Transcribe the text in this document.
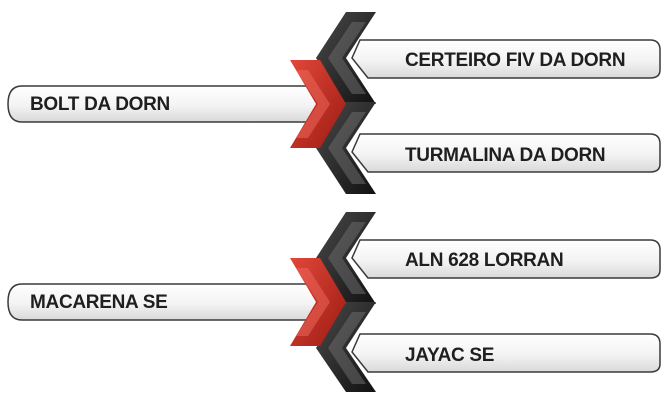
CERTEIRO FIV DA DORN
TURMALINA DA DORN
BOLT DA DORN
ALN 628 LORRAN
JAYAC SE
MACARENA SE
